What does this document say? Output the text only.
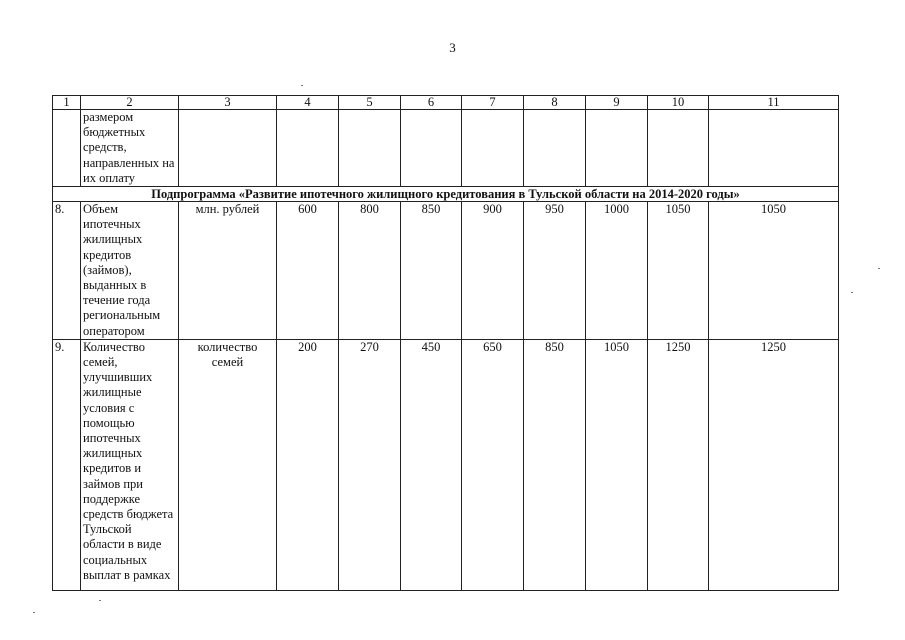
3
1	2	3	4	5	6	7	8	9	10	11
	размером бюджетных средств, направленных на их оплату									
Подпрограмма «Развитие ипотечного жилищного кредитования в Тульской области на 2014-2020 годы»										
8.	Объем ипотечных жилищных кредитов (займов), выданных в течение года региональным оператором	млн. рублей	600	800	850	900	950	1000	1050	1050
9.	Количество семей, улучшивших жилищные условия с помощью ипотечных жилищных кредитов и займов при поддержке средств бюджета Тульской области в виде социальных выплат в рамках	количество семей	200	270	450	650	850	1050	1250	1250
